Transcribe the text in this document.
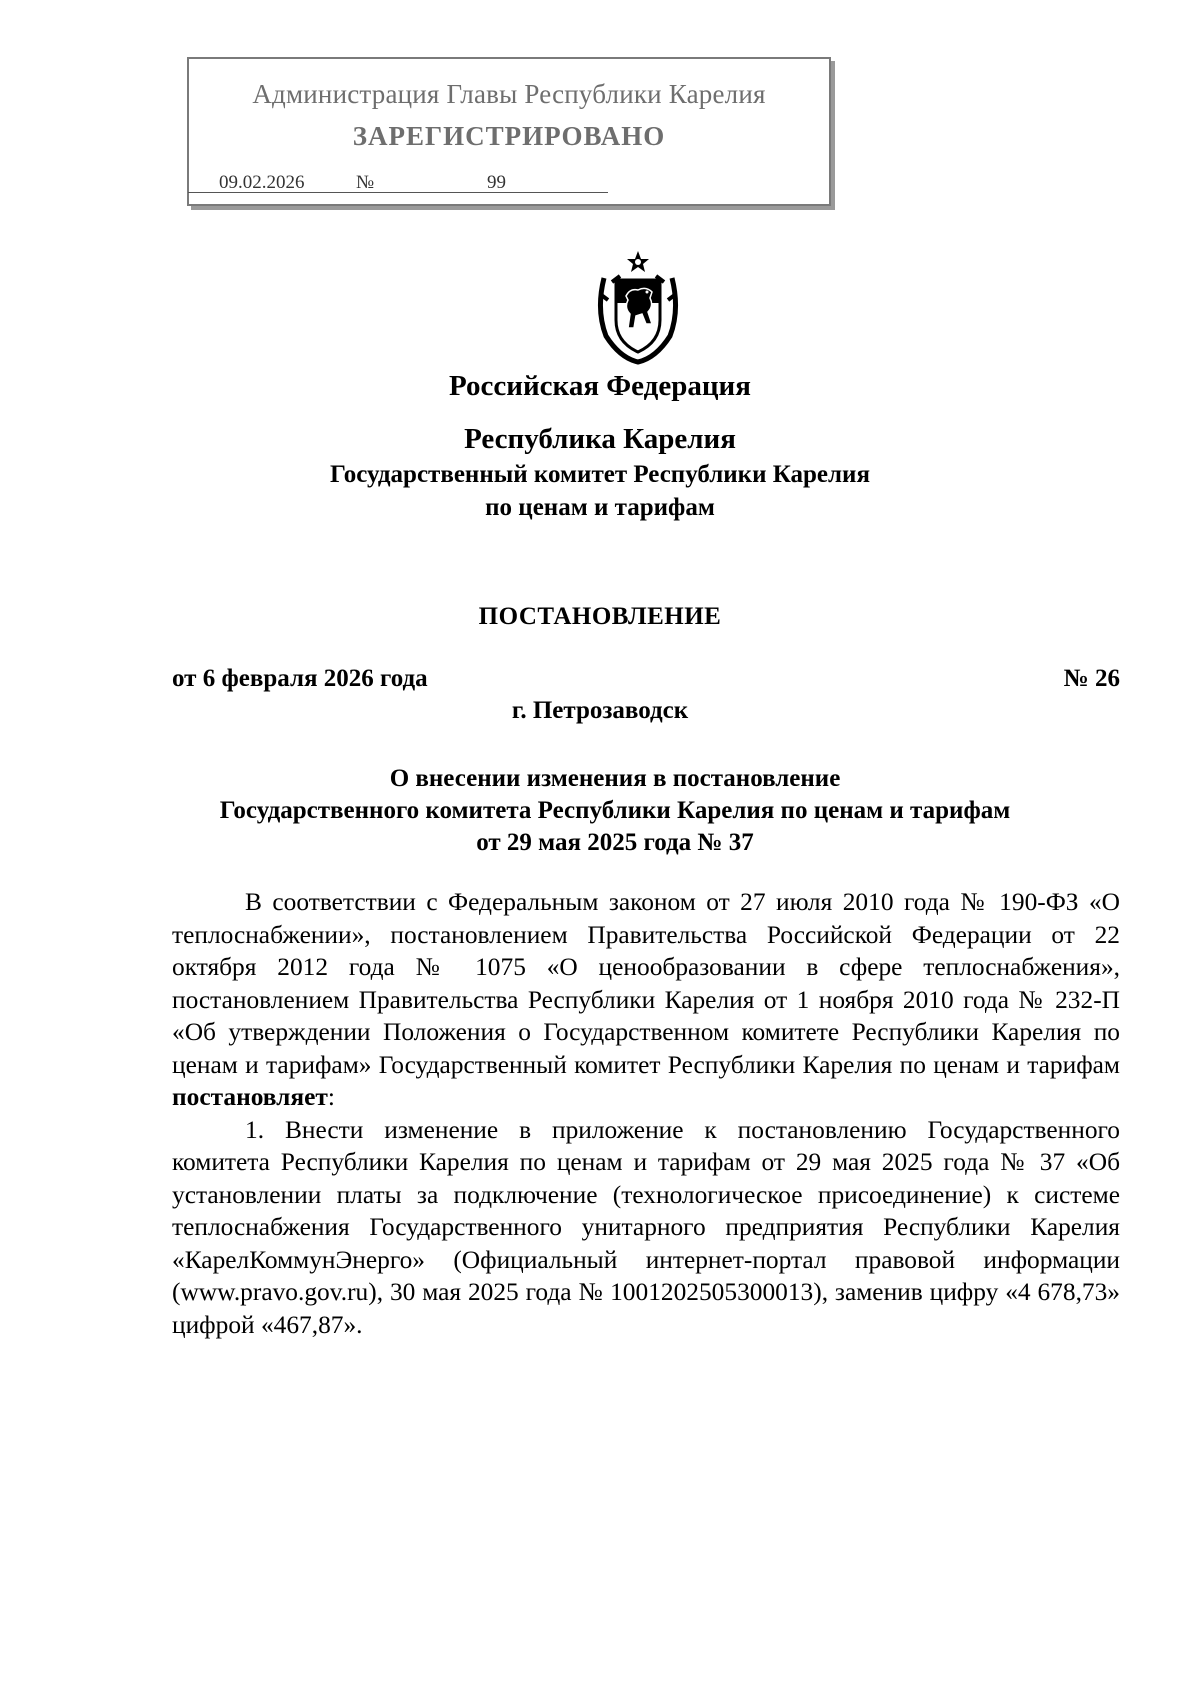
Администрация Главы Республики Карелия
ЗАРЕГИСТРИРОВАНО
09.02.2026	№	99
Российская Федерация
Республика Карелия
Государственный комитет Республики Карелия
по ценам и тарифам
ПОСТАНОВЛЕНИЕ
от 6 февраля 2026 года	№ 26
г. Петрозаводск
О внесении изменения в постановление
Государственного комитета Республики Карелия по ценам и тарифам
от 29 мая 2025 года № 37

В соответствии с Федеральным законом от 27 июля 2010 года № 190-ФЗ «О теплоснабжении», постановлением Правительства Российской Федерации от 22 октября 2012 года № 1075 «О ценообразовании в сфере теплоснабжения», постановлением Правительства Республики Карелия от 1 ноября 2010 года № 232-П «Об утверждении Положения о Государственном комитете Республики Карелия по ценам и тарифам» Государственный комитет Республики Карелия по ценам и тарифам постановляет:

1. Внести изменение в приложение к постановлению Государственного комитета Республики Карелия по ценам и тарифам от 29 мая 2025 года № 37 «Об установлении платы за подключение (технологическое присоединение) к системе теплоснабжения Государственного унитарного предприятия Республики Карелия «КарелКоммунЭнерго» (Официальный интернет-портал правовой информации (www.pravo.gov.ru), 30 мая 2025 года № 1001202505300013), заменив цифру «4 678,73» цифрой «467,87».
